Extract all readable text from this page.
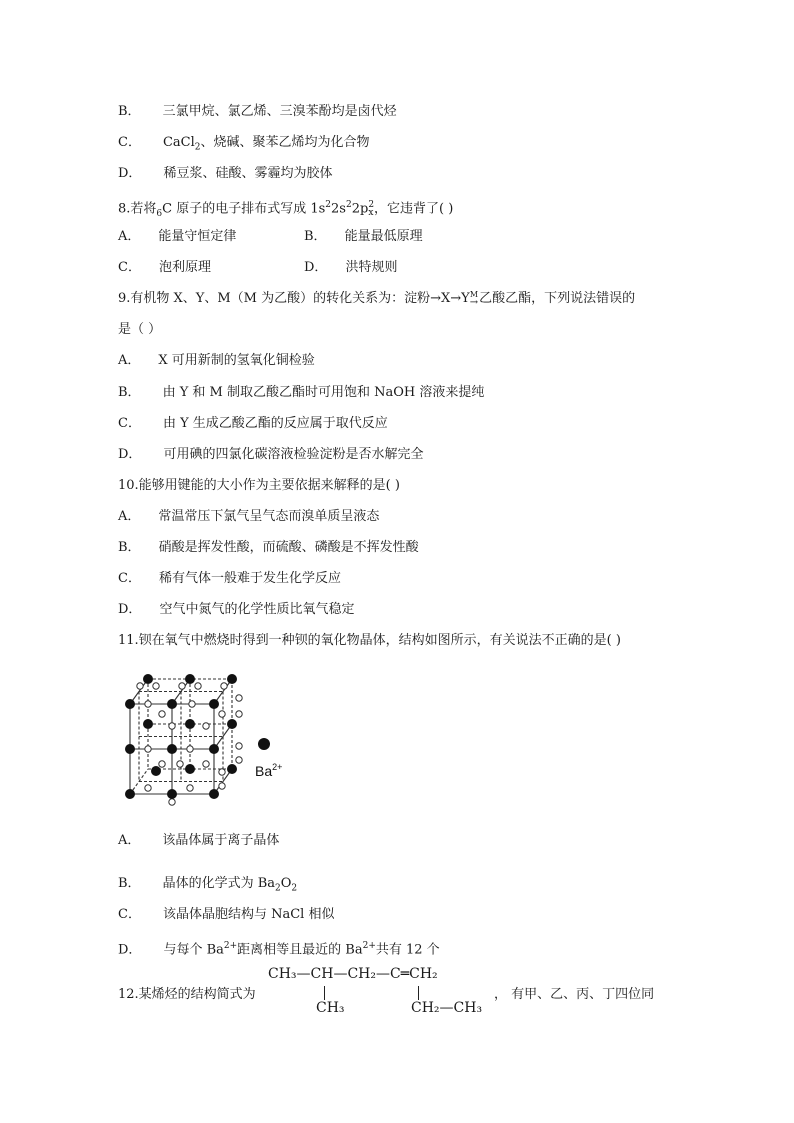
B． 三氯甲烷、氯乙烯、三溴苯酚均是卤代烃
C． CaCl$_2$、烧碱、聚苯乙烯均为化合物
D． 稀豆浆、硅酸、雾霾均为胶体
8.若将$_6$C 原子的电子排布式写成 $1s^22s^22p$ 2
x ，它违背了( )
A． 能量守恒定律	B． 能量最低原理
C． 泡利原理	D． 洪特规则
9.有机物 X、Y、M（M 为乙酸）的转化关系为：淀粉→X→Y M
→ 乙酸乙酯，下列说法错误的
是（ ）
A． X 可用新制的氢氧化铜检验
B． 由 Y 和 M 制取乙酸乙酯时可用饱和 NaOH 溶液来提纯
C． 由 Y 生成乙酸乙酯的反应属于取代反应
D． 可用碘的四氯化碳溶液检验淀粉是否水解完全
10.能够用键能的大小作为主要依据来解释的是( )
A． 常温常压下氯气呈气态而溴单质呈液态
B． 硝酸是挥发性酸，而硫酸、磷酸是不挥发性酸
C． 稀有气体一般难于发生化学反应
D． 空气中氮气的化学性质比氧气稳定
11.钡在氧气中燃烧时得到一种钡的氧化物晶体，结构如图所示，有关说法不正确的是( )
$Ba^{2+}$
A． 该晶体属于离子晶体
B． 晶体的化学式为 $Ba_2O_2$
C． 该晶体晶胞结构与 NaCl 相似
D． 与每个 $Ba^{2+}$距离相等且最近的 $Ba^{2+}$共有 12 个
12.某烯烃的结构简式为
CH₃—CH—CH₂—C═CH₂
CH₃	CH₂—CH₃
， 有甲、乙、丙、丁四位同
